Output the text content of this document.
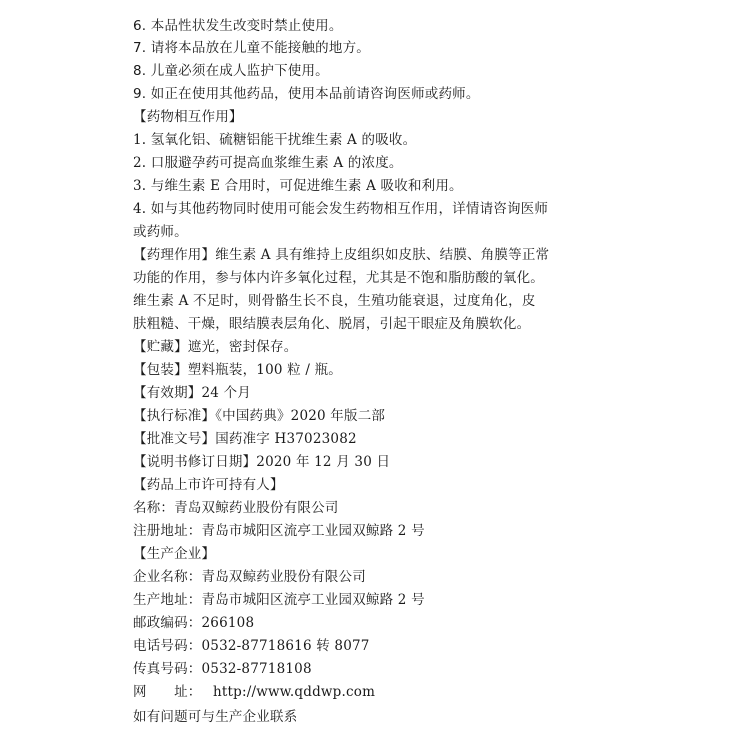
6. 本品性状发生改变时禁止使用。

7. 请将本品放在儿童不能接触的地方。

8. 儿童必须在成人监护下使用。

9. 如正在使用其他药品，使用本品前请咨询医师或药师。

【药物相互作用】

1. 氢氧化铝、硫糖铝能干扰维生素 A 的吸收。

2. 口服避孕药可提高血浆维生素 A 的浓度。

3. 与维生素 E 合用时，可促进维生素 A 吸收和利用。

4. 如与其他药物同时使用可能会发生药物相互作用，详情请咨询医师

或药师。

【药理作用】维生素 A 具有维持上皮组织如皮肤、结膜、角膜等正常

功能的作用，参与体内许多氧化过程，尤其是不饱和脂肪酸的氧化。

维生素 A 不足时，则骨骼生长不良，生殖功能衰退，过度角化，皮

肤粗糙、干燥，眼结膜表层角化、脱屑，引起干眼症及角膜软化。

【贮藏】遮光，密封保存。

【包装】塑料瓶装，100 粒 / 瓶。

【有效期】24 个月

【执行标准】《中国药典》2020 年版二部

【批准文号】国药准字 H37023082

【说明书修订日期】2020 年 12 月 30 日

【药品上市许可持有人】

名称：青岛双鲸药业股份有限公司

注册地址：青岛市城阳区流亭工业园双鲸路 2 号

【生产企业】

企业名称：青岛双鲸药业股份有限公司

生产地址：青岛市城阳区流亭工业园双鲸路 2 号

邮政编码：266108

电话号码：0532-87718616 转 8077

传真号码：0532-87718108

网　　址： http://www.qddwp.com

如有问题可与生产企业联系
